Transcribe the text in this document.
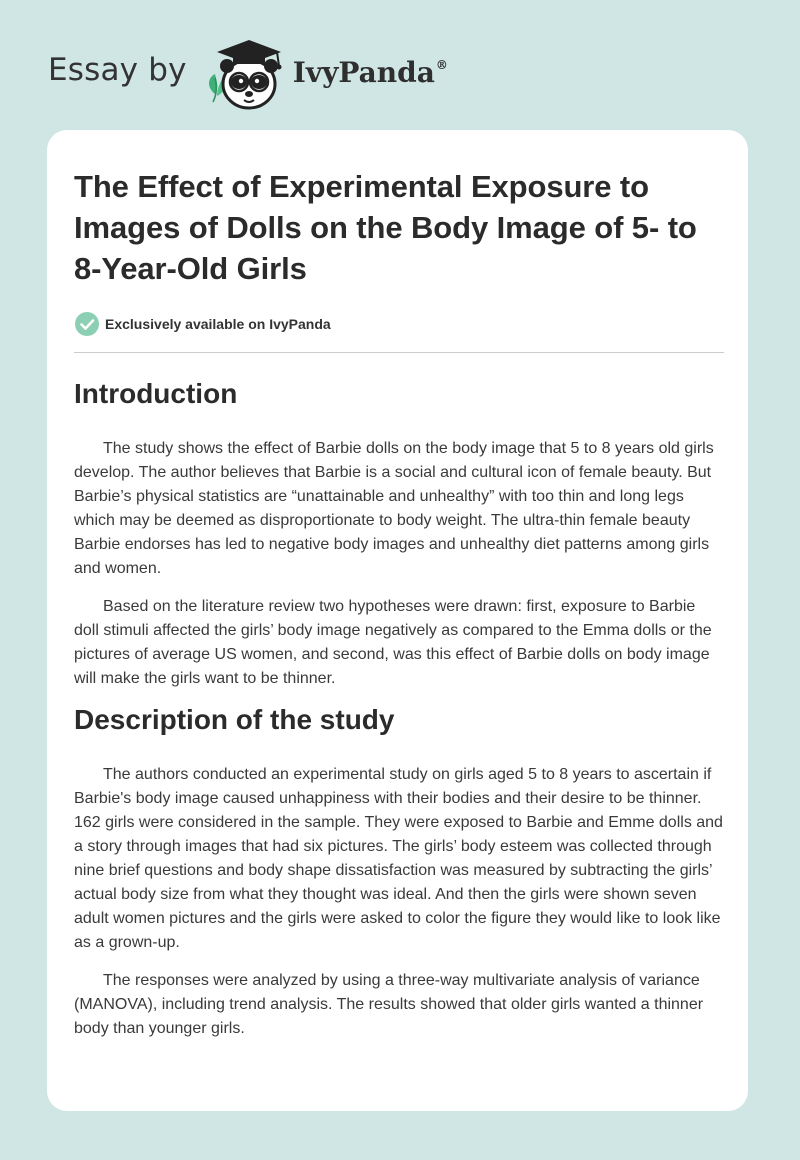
Essay by	IvyPanda®
The Effect of Experimental Exposure to Images of Dolls on the Body Image of 5- to 8-Year-Old Girls
Exclusively available on IvyPanda
Introduction

The study shows the effect of Barbie dolls on the body image that 5 to 8 years old girls develop. The author believes that Barbie is a social and cultural icon of female beauty. But Barbie’s physical statistics are “unattainable and unhealthy” with too thin and long legs which may be deemed as disproportionate to body weight. The ultra-thin female beauty Barbie endorses has led to negative body images and unhealthy diet patterns among girls and women.

Based on the literature review two hypotheses were drawn: first, exposure to Barbie doll stimuli affected the girls’ body image negatively as compared to the Emma dolls or the pictures of average US women, and second, was this effect of Barbie dolls on body image will make the girls want to be thinner.

Description of the study

The authors conducted an experimental study on girls aged 5 to 8 years to ascertain if Barbie's body image caused unhappiness with their bodies and their desire to be thinner. 162 girls were considered in the sample. They were exposed to Barbie and Emme dolls and a story through images that had six pictures. The girls’ body esteem was collected through nine brief questions and body shape dissatisfaction was measured by subtracting the girls’ actual body size from what they thought was ideal. And then the girls were shown seven adult women pictures and the girls were asked to color the figure they would like to look like as a grown-up.

The responses were analyzed by using a three-way multivariate analysis of variance (MANOVA), including trend analysis. The results showed that older girls wanted a thinner body than younger girls.
